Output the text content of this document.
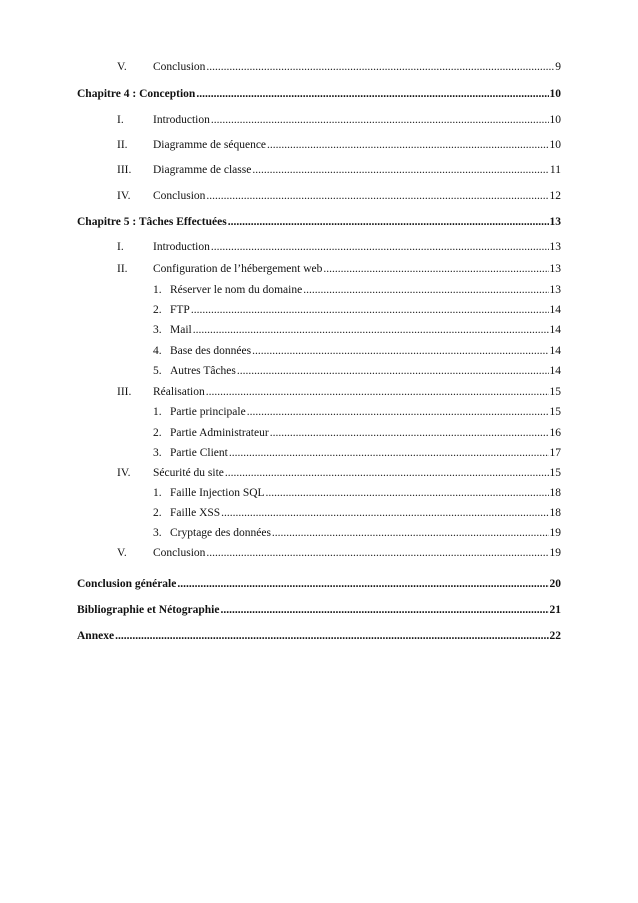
V.	Conclusion .....	9
Chapitre 4 : Conception .....	10
I.	Introduction .....	10
II.	Diagramme de séquence .....	10
III.	Diagramme de classe .....	11
IV.	Conclusion .....	12
Chapitre 5 : Tâches Effectuées .....	13
I.	Introduction .....	13
II.	Configuration de l’hébergement web .....	13
1. Réserver le nom du domaine .....	13
2. FTP .....	14
3. Mail .....	14
4. Base des données .....	14
5. Autres Tâches .....	14
III.	Réalisation .....	15
1. Partie principale .....	15
2. Partie Administrateur .....	16
3. Partie Client .....	17
IV.	Sécurité du site .....	15
1. Faille Injection SQL .....	18
2. Faille XSS .....	18
3. Cryptage des données .....	19
V.	Conclusion .....	19
Conclusion générale .....	20
Bibliographie et Nétographie .....	21
Annexe .....	22
